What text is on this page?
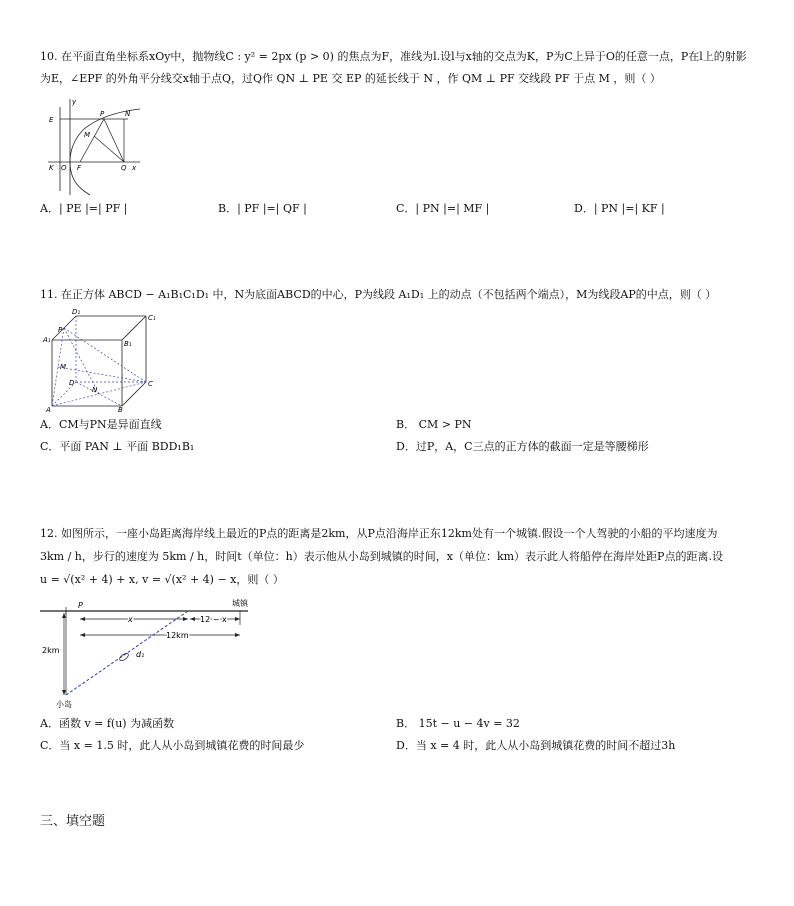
10. 在平面直角坐标系xOy中，抛物线C : y² = 2px (p > 0) 的焦点为F，准线为l.设l与x轴的交点为K，P为C上异于O的任意一点，P在l上的射影
为E，∠EPF 的外角平分线交x轴于点Q，过Q作 QN ⊥ PE 交 EP 的延长线于 N ，作 QM ⊥ PF 交线段 PF 于点 M ，则（ ）
y
E
P	N
M
K O F	Q x
A．| PE |=| PF |	B．| PF |=| QF |	C．| PN |=| MF |	D．| PN |=| KF |
11. 在正方体 ABCD − A₁B₁C₁D₁ 中，N为底面ABCD的中心，P为线段 A₁D₁ 上的动点（不包括两个端点），M为线段AP的中点，则（ ）
D₁
C₁
P
A₁	B₁
M
D
N
C
A	B
A．CM与PN是异面直线	B． CM > PN
C．平面 PAN ⊥ 平面 BDD₁B₁	D．过P，A，C三点的正方体的截面一定是等腰梯形
12. 如图所示，一座小岛距离海岸线上最近的P点的距离是2km，从P点沿海岸正东12km处有一个城镇.假设一个人驾驶的小船的平均速度为
3km / h，步行的速度为 5km / h，时间t（单位：h）表示他从小岛到城镇的时间，x（单位：km）表示此人将船停在海岸处距P点的距离.设
u = √(x² + 4) + x, v = √(x² + 4) − x，则（ ）
P	城镇
x	12 − x
12km
2km	d₁
小岛
A．函数 v = f(u) 为减函数	B． 15t − u − 4v = 32
C．当 x = 1.5 时，此人从小岛到城镇花费的时间最少	D．当 x = 4 时，此人从小岛到城镇花费的时间不超过3h
三、填空题
